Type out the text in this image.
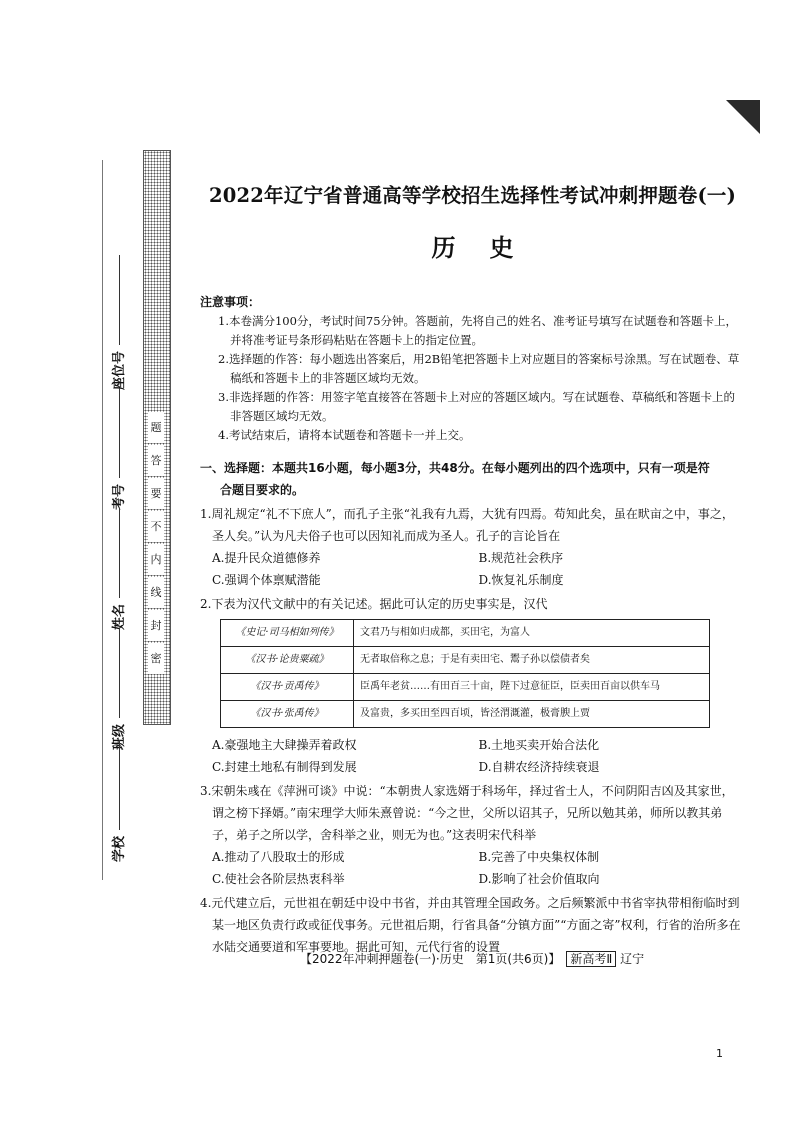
座位号
考号
姓名
班级
学校
题
答
要
不
内
线
封
密
2022年辽宁省普通高等学校招生选择性考试冲刺押题卷(一)
历史
注意事项：
1.本卷满分100分，考试时间75分钟。答题前，先将自己的姓名、准考证号填写在试题卷和答题卡上，并将准考证号条形码粘贴在答题卡上的指定位置。
2.选择题的作答：每小题选出答案后，用2B铅笔把答题卡上对应题目的答案标号涂黑。写在试题卷、草稿纸和答题卡上的非答题区域均无效。
3.非选择题的作答：用签字笔直接答在答题卡上对应的答题区域内。写在试题卷、草稿纸和答题卡上的非答题区域均无效。
4.考试结束后，请将本试题卷和答题卡一并上交。
一、选择题：本题共16小题，每小题3分，共48分。在每小题列出的四个选项中，只有一项是符
合题目要求的。
1.周礼规定“礼不下庶人”，而孔子主张“礼我有九焉，大犹有四焉。苟知此矣，虽在畎亩之中，事之，圣人矣。”认为凡夫俗子也可以因知礼而成为圣人。孔子的言论旨在
A.提升民众道德修养	B.规范社会秩序
C.强调个体禀赋潜能	D.恢复礼乐制度
2.下表为汉代文献中的有关记述。据此可认定的历史事实是，汉代
《史记·司马相如列传》	文君乃与相如归成都，买田宅，为富人
《汉书·论贵粟疏》	无者取倍称之息；于是有卖田宅、鬻子孙以偿债者矣
《汉书·贡禹传》	臣禹年老贫……有田百三十亩，陛下过意征臣，臣卖田百亩以供车马
《汉书·张禹传》	及富贵，多买田至四百顷，皆泾渭溉灌，极膏腴上贾
A.豪强地主大肆操弄着政权	B.土地买卖开始合法化
C.封建土地私有制得到发展	D.自耕农经济持续衰退
3.宋朝朱彧在《萍洲可谈》中说：“本朝贵人家选婿于科场年，择过省士人，不问阴阳吉凶及其家世，谓之榜下择婿。”南宋理学大师朱熹曾说：“今之世，父所以诏其子，兄所以勉其弟，师所以教其弟子，弟子之所以学，舍科举之业，则无为也。”这表明宋代科举
A.推动了八股取士的形成	B.完善了中央集权体制
C.使社会各阶层热衷科举	D.影响了社会价值取向
4.元代建立后，元世祖在朝廷中设中书省，并由其管理全国政务。之后频繁派中书省宰执带相衔临时到某一地区负责行政或征伐事务。元世祖后期，行省具备“分镇方面”“方面之寄”权利，行省的治所多在水陆交通要道和军事要地。据此可知，元代行省的设置
【2022年冲刺押题卷(一)·历史　第1页(共6页)】 新高考Ⅱ 辽宁
1
